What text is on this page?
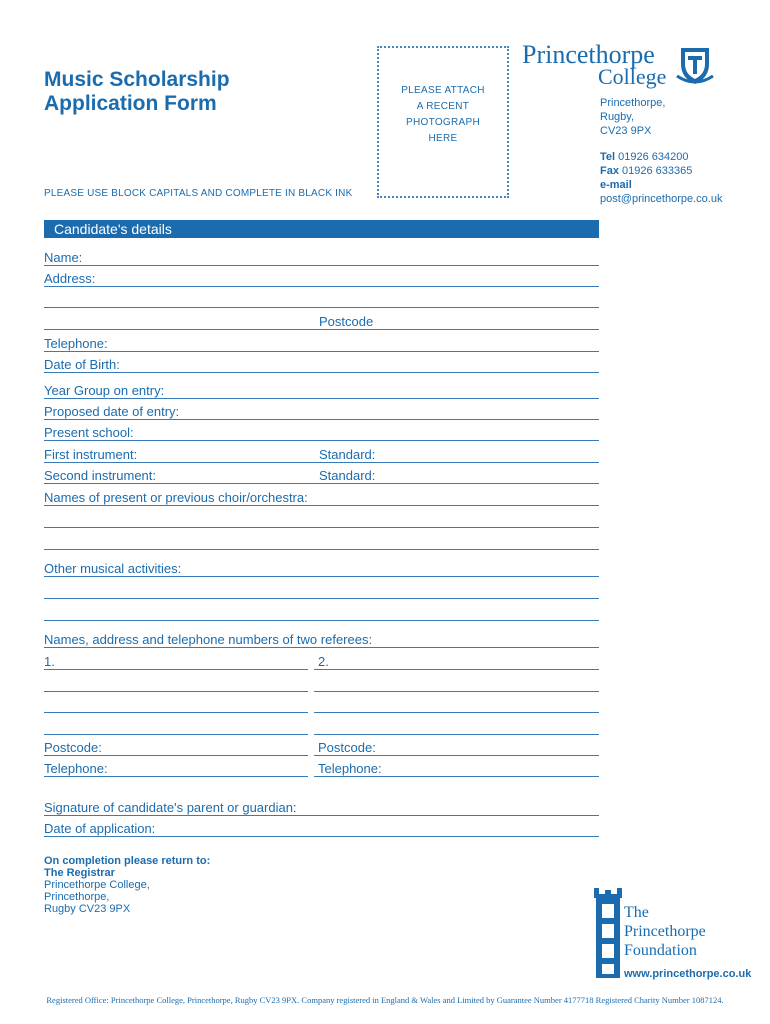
Music Scholarship
Application Form
PLEASE ATTACH
A RECENT
PHOTOGRAPH
HERE
PLEASE USE BLOCK CAPITALS AND COMPLETE IN BLACK INK
Princethorpe
College
Princethorpe,
Rugby,
CV23 9PX
Tel 01926 634200
Fax 01926 633365
e-mail
post@princethorpe.co.uk
Candidate's details
Name:
Address:
Postcode
Telephone:
Date of Birth:
Year Group on entry:
Proposed date of entry:
Present school:
First instrument:	Standard:
Second instrument:	Standard:
Names of present or previous choir/orchestra:
Other musical activities:
Names, address and telephone numbers of two referees:
1.	2.
Postcode:	Postcode:
Telephone:	Telephone:
Signature of candidate's parent or guardian:
Date of application:
On completion please return to:
The Registrar
Princethorpe College,
Princethorpe,
Rugby CV23 9PX	The
Princethorpe
Foundation
www.princethorpe.co.uk
Registered Office: Princethorpe College, Princethorpe, Rugby CV23 9PX. Company registered in England & Wales and Limited by Guarantee Number 4177718 Registered Charity Number 1087124.
